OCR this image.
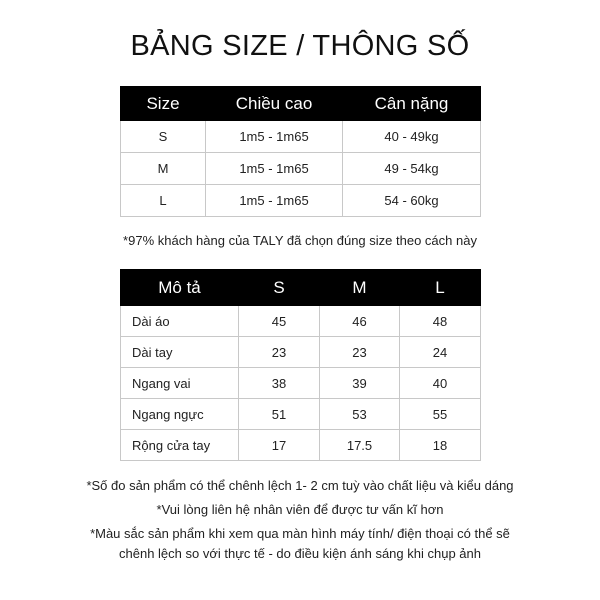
BẢNG SIZE / THÔNG SỐ
Size	Chiều cao	Cân nặng
S	1m5 - 1m65	40 - 49kg
M	1m5 - 1m65	49 - 54kg
L	1m5 - 1m65	54 - 60kg
*97% khách hàng của TALY đã chọn đúng size theo cách này
Mô tả	S	M	L
Dài áo	45	46	48
Dài tay	23	23	24
Ngang vai	38	39	40
Ngang ngực	51	53	55
Rộng cửa tay	17	17.5	18
*Số đo sản phẩm có thể chênh lệch 1- 2 cm tuỳ vào chất liệu và kiểu dáng
*Vui lòng liên hệ nhân viên để được tư vấn kĩ hơn
*Màu sắc sản phẩm khi xem qua màn hình máy tính/ điện thoại có thể sẽ
chênh lệch so với thực tế - do điều kiện ánh sáng khi chụp ảnh
